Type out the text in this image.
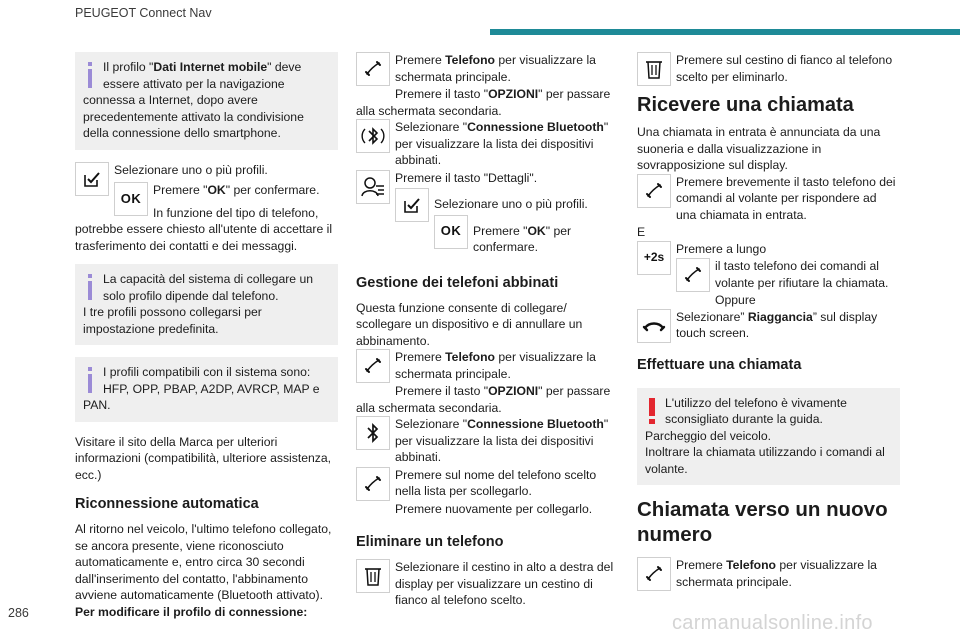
PEUGEOT Connect Nav

Il profilo "Dati Internet mobile" deve essere attivato per la navigazione connessa a Internet, dopo avere precedentemente attivato la condivisione della connessione dello smartphone.

Selezionare uno o più profili.

OK

Premere "OK" per confermare.

In funzione del tipo di telefono, potrebbe essere chiesto all'utente di accettare il trasferimento dei contatti e dei messaggi.

La capacità del sistema di collegare un solo profilo dipende dal telefono.
I tre profili possono collegarsi per impostazione predefinita.

I profili compatibili con il sistema sono: HFP, OPP, PBAP, A2DP, AVRCP, MAP e PAN.

Visitare il sito della Marca per ulteriori informazioni (compatibilità, ulteriore assistenza, ecc.)

Riconnessione automatica

Al ritorno nel veicolo, l'ultimo telefono collegato, se ancora presente, viene riconosciuto automaticamente e, entro circa 30 secondi dall'inserimento del contatto, l'abbinamento avviene automaticamente (Bluetooth attivato).

Per modificare il profilo di connessione:

Premere Telefono per visualizzare la schermata principale.

Premere il tasto "OPZIONI" per passare alla schermata secondaria.

Selezionare "Connessione Bluetooth" per visualizzare la lista dei dispositivi abbinati.

Premere il tasto "Dettagli".

Selezionare uno o più profili.

OK Premere "OK" per confermare.

Gestione dei telefoni abbinati

Questa funzione consente di collegare/ scollegare un dispositivo e di annullare un abbinamento.

Premere Telefono per visualizzare la schermata principale.

Premere il tasto "OPZIONI" per passare alla schermata secondaria.

Selezionare "Connessione Bluetooth" per visualizzare la lista dei dispositivi abbinati.

Premere sul nome del telefono scelto nella lista per scollegarlo.

Premere nuovamente per collegarlo.

Eliminare un telefono

Selezionare il cestino in alto a destra del display per visualizzare un cestino di fianco al telefono scelto.

Premere sul cestino di fianco al telefono scelto per eliminarlo.

Ricevere una chiamata

Una chiamata in entrata è annunciata da una suoneria e dalla visualizzazione in sovrapposizione sul display.

Premere brevemente il tasto telefono dei comandi al volante per rispondere ad una chiamata in entrata.

E

+2s

Premere a lungo

il tasto telefono dei comandi al volante per rifiutare la chiamata.

Oppure

Selezionare” Riaggancia” sul display touch screen.

Effettuare una chiamata

L'utilizzo del telefono è vivamente sconsigliato durante la guida.
Parcheggio del veicolo.
Inoltrare la chiamata utilizzando i comandi al volante.

Chiamata verso un nuovo numero

Premere Telefono per visualizzare la schermata principale.

286	carmanualsonline.info
